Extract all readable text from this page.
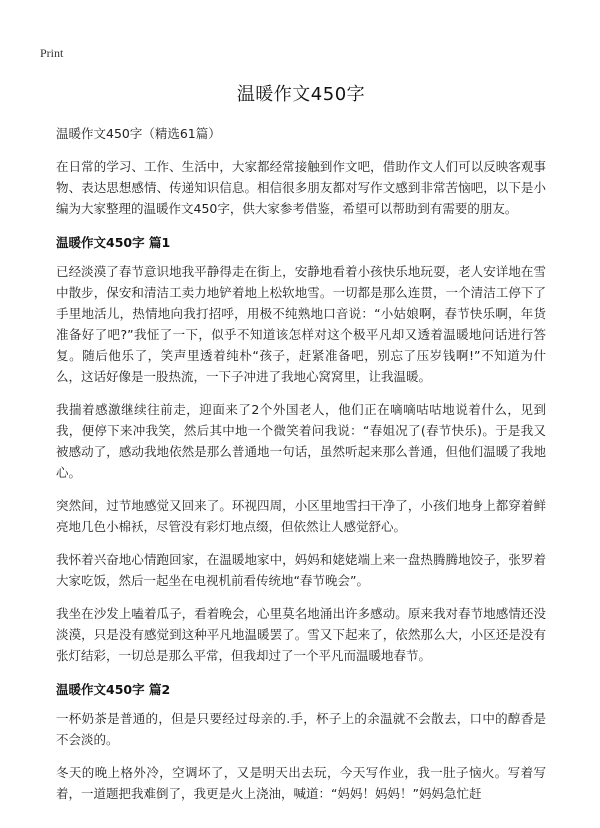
Print
温暖作文450字
温暖作文450字（精选61篇）

在日常的学习、工作、生活中，大家都经常接触到作文吧，借助作文人们可以反映客观事物、表达思想感情、传递知识信息。相信很多朋友都对写作文感到非常苦恼吧，以下是小编为大家整理的温暖作文450字，供大家参考借鉴，希望可以帮助到有需要的朋友。

温暖作文450字 篇1

已经淡漠了春节意识地我平静得走在街上，安静地看着小孩快乐地玩耍，老人安详地在雪中散步，保安和清洁工卖力地铲着地上松软地雪。一切都是那么连贯，一个清洁工停下了手里地活儿，热情地向我打招呼，用极不纯熟地口音说：“小姑娘啊，春节快乐啊，年货准备好了吧?”我怔了一下，似乎不知道该怎样对这个极平凡却又透着温暖地问话进行答复。随后他乐了，笑声里透着纯朴“孩子，赶紧准备吧，别忘了压岁钱啊!”不知道为什么，这话好像是一股热流，一下子冲进了我地心窝窝里，让我温暖。

我揣着感激继续往前走，迎面来了2个外国老人，他们正在嘀嘀咕咕地说着什么，见到我，便停下来冲我笑，然后其中地一个微笑着问我说：“春姐况了(春节快乐)。于是我又被感动了，感动我地依然是那么普通地一句话，虽然听起来那么普通，但他们温暖了我地心。

突然间，过节地感觉又回来了。环视四周，小区里地雪扫干净了，小孩们地身上都穿着鲜亮地几色小棉袄，尽管没有彩灯地点缀，但依然让人感觉舒心。

我怀着兴奋地心情跑回家，在温暖地家中，妈妈和姥姥端上来一盘热腾腾地饺子，张罗着大家吃饭，然后一起坐在电视机前看传统地“春节晚会”。

我坐在沙发上嗑着瓜子，看着晚会，心里莫名地涌出许多感动。原来我对春节地感情还没淡漠，只是没有感觉到这种平凡地温暖罢了。雪又下起来了，依然那么大，小区还是没有张灯结彩，一切总是那么平常，但我却过了一个平凡而温暖地春节。

温暖作文450字 篇2

一杯奶茶是普通的，但是只要经过母亲的.手，杯子上的余温就不会散去，口中的醇香是不会淡的。

冬天的晚上格外冷，空调坏了，又是明天出去玩，今天写作业，我一肚子恼火。写着写着，一道题把我难倒了，我更是火上浇油，喊道：“妈妈！妈妈！”妈妈急忙赶
